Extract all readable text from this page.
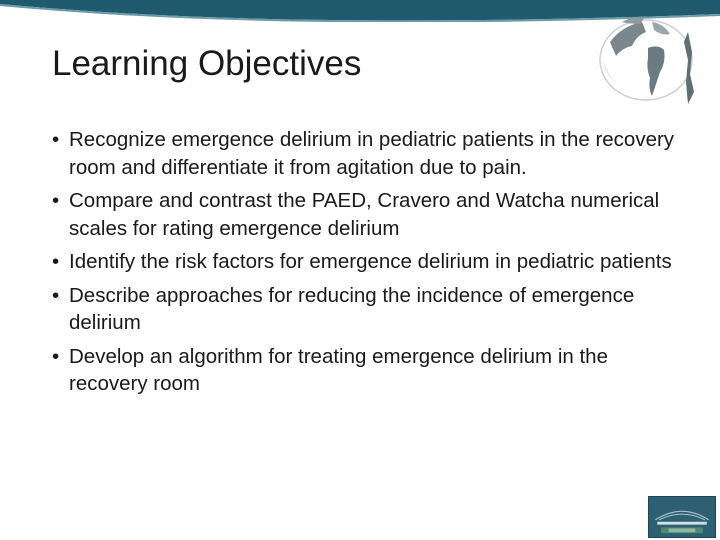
Learning Objectives
• Recognize emergence delirium in pediatric patients in the recovery room and differentiate it from agitation due to pain.
• Compare and contrast the PAED, Cravero and Watcha numerical scales for rating emergence delirium
• Identify the risk factors for emergence delirium in pediatric patients
• Describe approaches for reducing the incidence of emergence delirium
• Develop an algorithm for treating emergence delirium in the recovery room
